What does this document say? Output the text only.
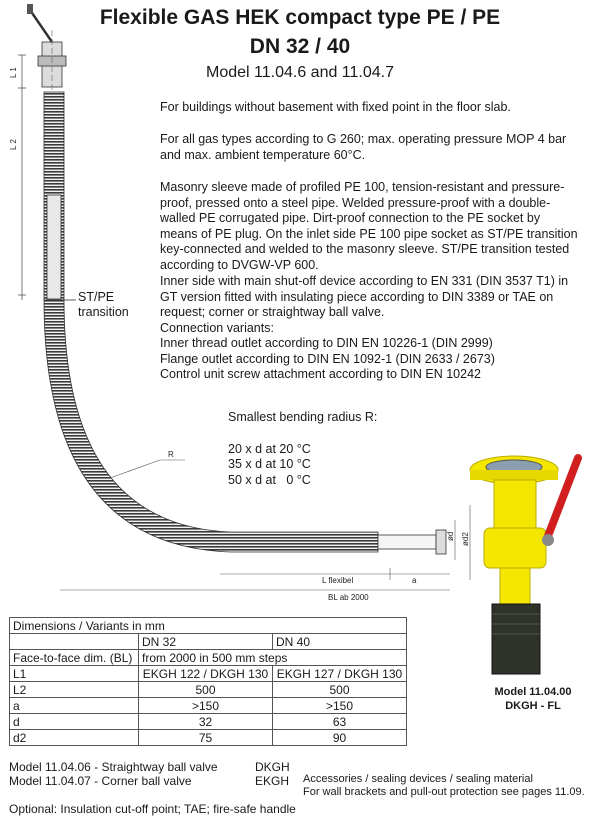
Flexible GAS HEK compact type PE / PE
DN 32 / 40
Model 11.04.6 and 11.04.7

For buildings without basement with fixed point in the floor slab.

For all gas types according to G 260; max. operating pressure MOP 4 bar and max. ambient temperature 60°C.

Masonry sleeve made of profiled PE 100, tension-resistant and pressure-proof, pressed onto a steel pipe. Welded pressure-proof with a double-walled PE corrugated pipe. Dirt-proof connection to the PE socket by means of PE plug. On the inlet side PE 100 pipe socket as ST/PE transition key-connected and welded to the masonry sleeve. ST/PE transition tested according to DVGW-VP 600.

Inner side with main shut-off device according to EN 331 (DIN 3537 T1) in GT version fitted with insulating piece according to DIN 3389 or TAE on request; corner or straightway ball valve.
Connection variants:
Inner thread outlet according to DIN EN 10226-1 (DIN 2999)
Flange outlet according to DIN EN 1092-1 (DIN 2633 / 2673)
Control unit screw attachment according to DIN EN 10242
Smallest bending radius R:
20 x d at 20 °C
35 x d at 10 °C
50 x d at   0 °C
L 1
L 2
R
ød ød2
L flexibel	a
BL ab 2000
ST/PE
transition
Model 11.04.00
DKGH - FL
Dimensions / Variants in mm		
	DN 32	DN 40
Face-to-face dim. (BL)	from 2000 in 500 mm steps	
L1	EKGH 122 / DKGH 130	EKGH 127 / DKGH 130
L2	500	500
a	>150	>150
d	32	63
d2	75	90
Model 11.04.06 - Straightway ball valve	DKGH
Model 11.04.07 - Corner ball valve	EKGH Accessories / sealing devices / sealing material
For wall brackets and pull-out protection see pages 11.09.
Optional: Insulation cut-off point; TAE; fire-safe handle
